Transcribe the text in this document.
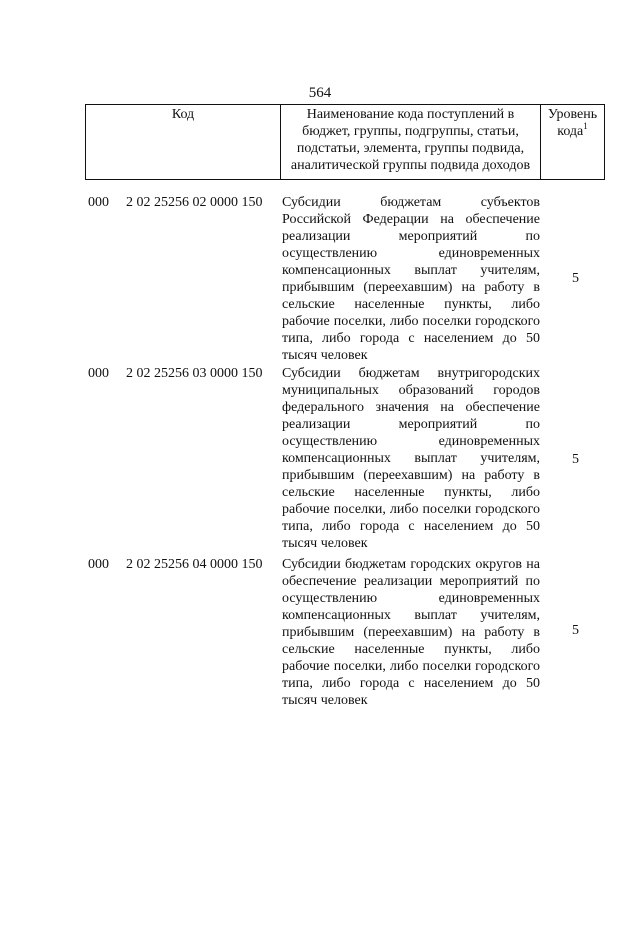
564
Код	Наименование кода поступлений в бюджет, группы, подгруппы, статьи, подстатьи, элемента, группы подвида, аналитической группы подвида доходов
Уровень кода$^1$
000 2 02 25256 02 0000 150 Субсидии бюджетам субъектов Российской Федерации на обеспечение реализации мероприятий по осуществлению единовременных компенсационных выплат учителям, прибывшим (переехавшим) на работу в сельские населенные пункты, либо рабочие поселки, либо поселки городского типа, либо города с населением до 50 тысяч человек
5
000 2 02 25256 03 0000 150 Субсидии бюджетам внутригородских муниципальных образований городов федерального значения на обеспечение реализации мероприятий по осуществлению единовременных компенсационных выплат учителям, прибывшим (переехавшим) на работу в сельские населенные пункты, либо рабочие поселки, либо поселки городского типа, либо города с населением до 50 тысяч человек
5
000 2 02 25256 04 0000 150 Субсидии бюджетам городских округов на обеспечение реализации мероприятий по осуществлению единовременных компенсационных выплат учителям, прибывшим (переехавшим) на работу в сельские населенные пункты, либо рабочие поселки, либо поселки городского типа, либо города с населением до 50 тысяч человек
5
